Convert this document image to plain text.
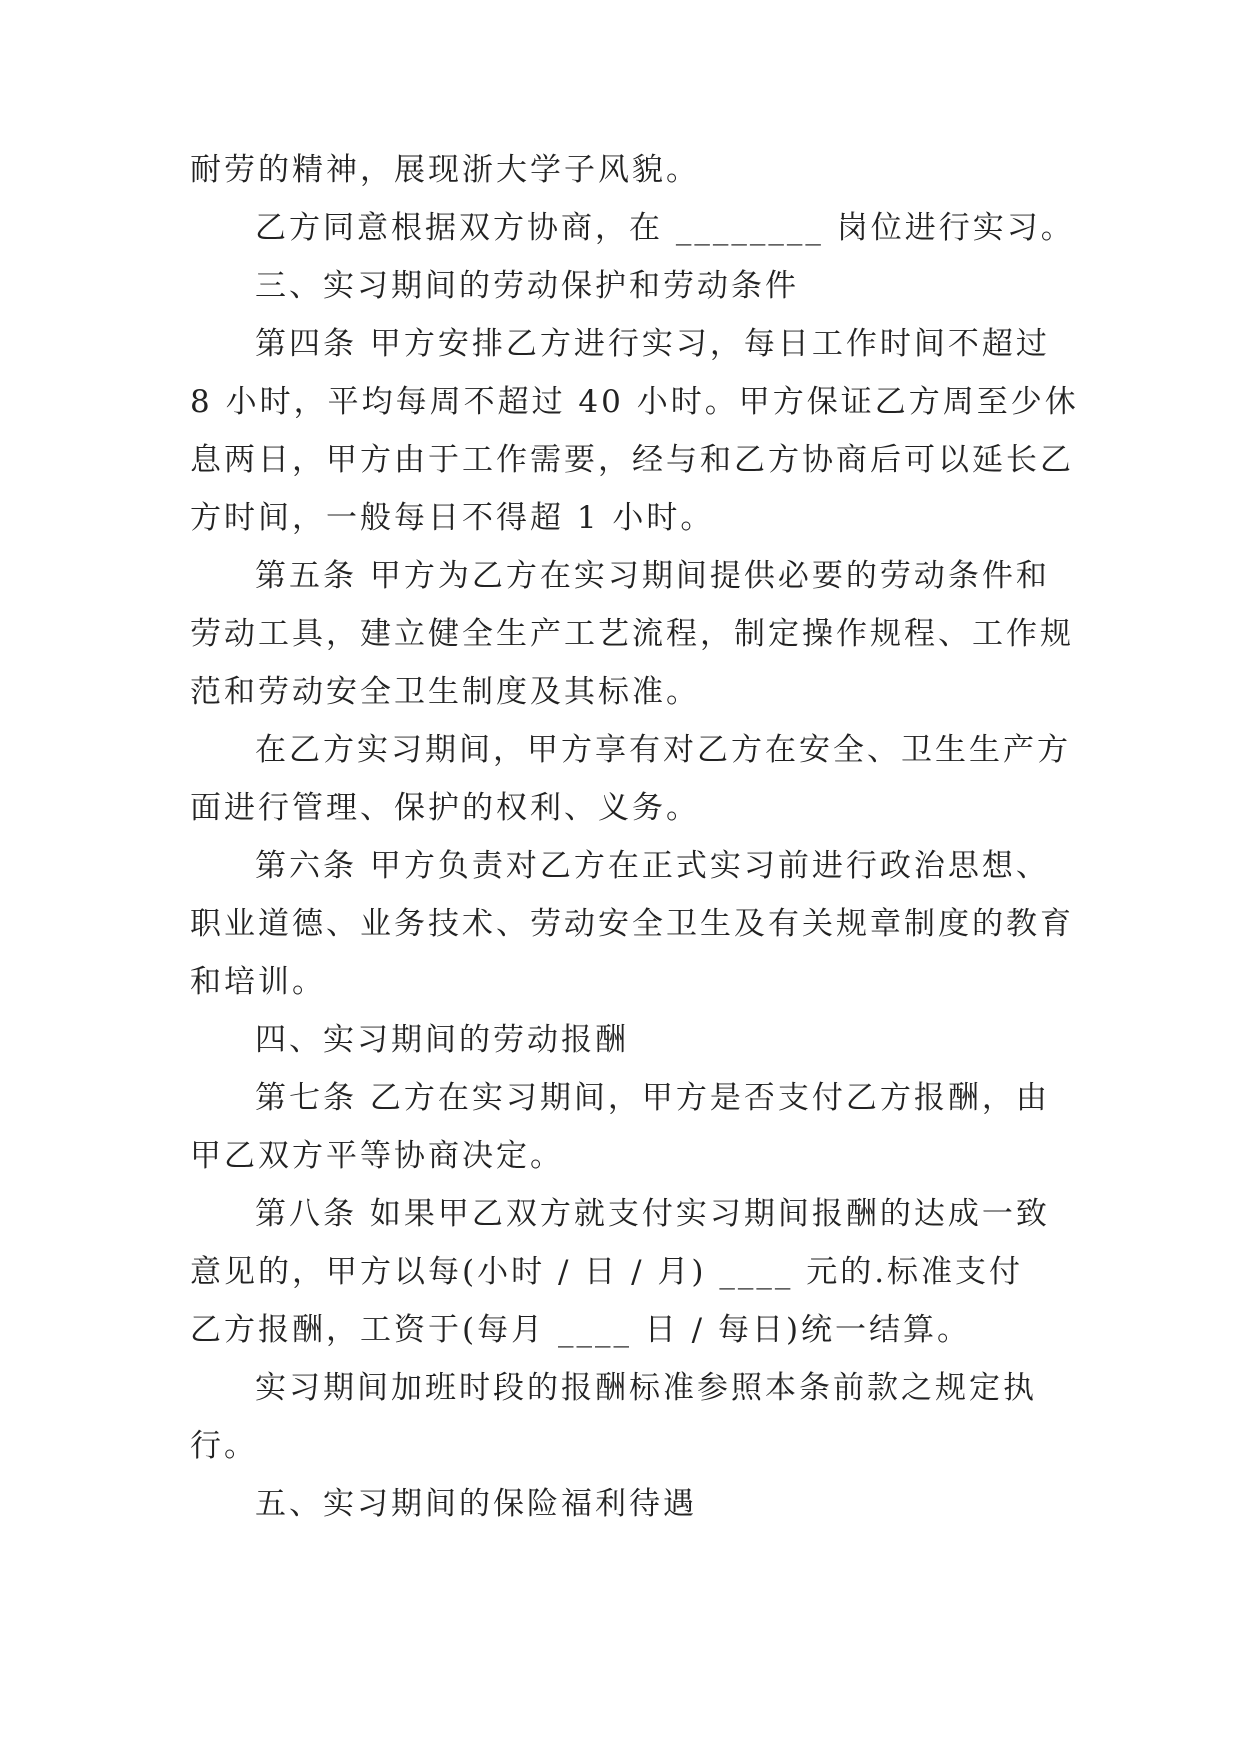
耐劳的精神，展现浙大学子风貌。
乙方同意根据双方协商，在 ________ 岗位进行实习。
三、实习期间的劳动保护和劳动条件
第四条 甲方安排乙方进行实习，每日工作时间不超过
8 小时，平均每周不超过 40 小时。甲方保证乙方周至少休
息两日，甲方由于工作需要，经与和乙方协商后可以延长乙
方时间，一般每日不得超 1 小时。
第五条 甲方为乙方在实习期间提供必要的劳动条件和
劳动工具，建立健全生产工艺流程，制定操作规程、工作规
范和劳动安全卫生制度及其标准。
在乙方实习期间，甲方享有对乙方在安全、卫生生产方
面进行管理、保护的权利、义务。
第六条 甲方负责对乙方在正式实习前进行政治思想、
职业道德、业务技术、劳动安全卫生及有关规章制度的教育
和培训。
四、实习期间的劳动报酬
第七条 乙方在实习期间，甲方是否支付乙方报酬，由
甲乙双方平等协商决定。
第八条 如果甲乙双方就支付实习期间报酬的达成一致
意见的，甲方以每(小时 / 日 / 月) ____ 元的.标准支付
乙方报酬，工资于(每月 ____ 日 / 每日)统一结算。
实习期间加班时段的报酬标准参照本条前款之规定执
行。
五、实习期间的保险福利待遇
